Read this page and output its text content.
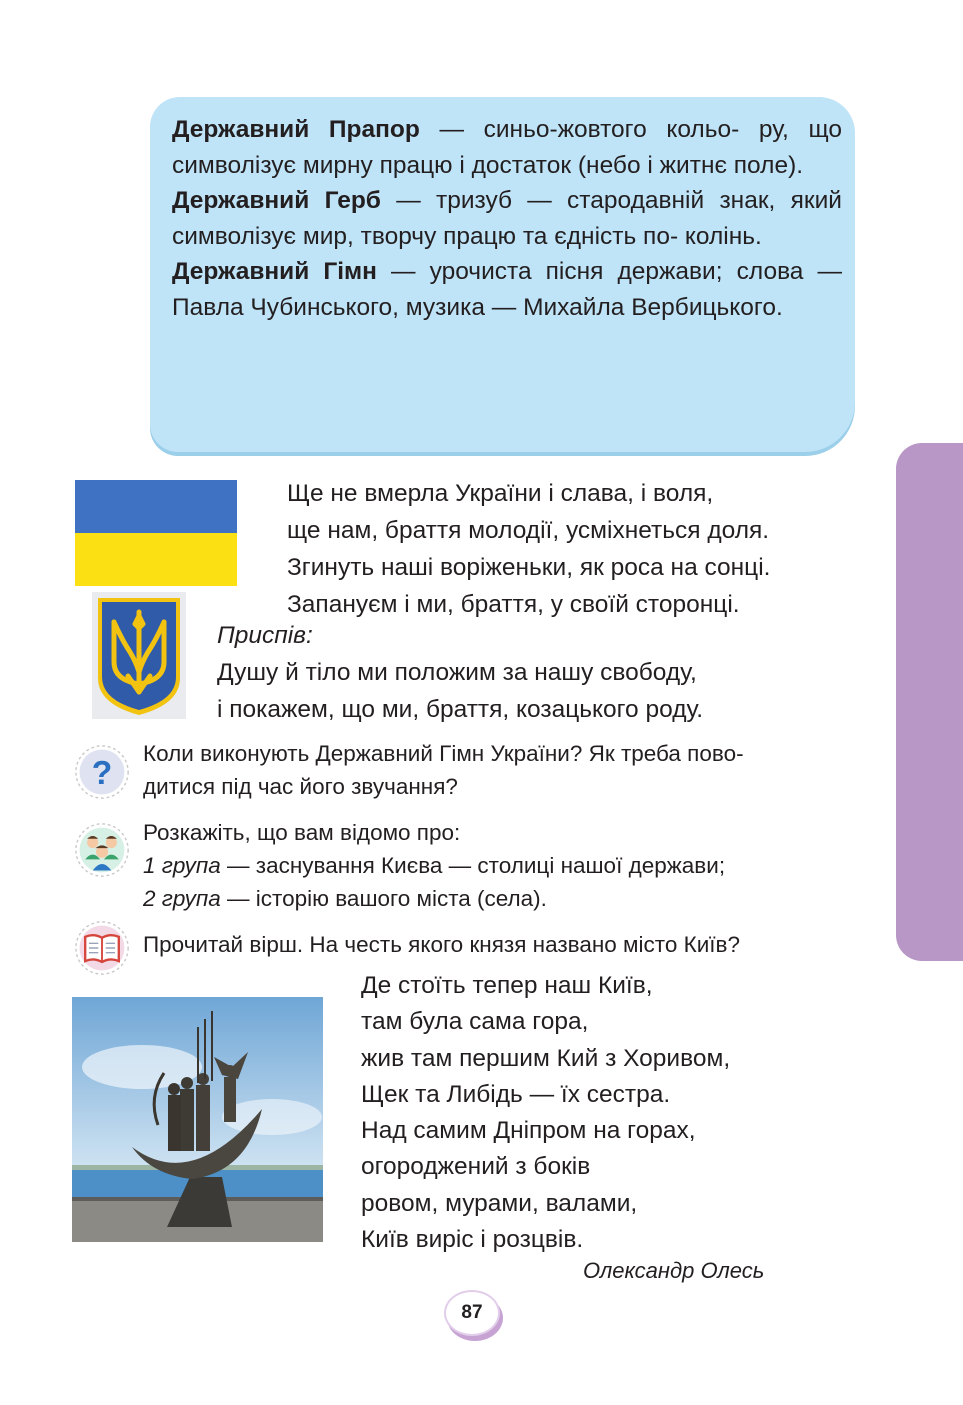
Державний Прапор — синьо-жовтого кольо- ру, що символізує мирну працю і достаток (небо і житнє поле).

Державний Герб — тризуб — стародавній знак, який символізує мир, творчу працю та єдність по- колінь.

Державний Гімн — урочиста пісня держави; слова — Павла Чубинського, музика — Михайла Вербицького.

Ще не вмерла України і слава, і воля,
ще нам, браття молодії, усміхнеться доля.
Згинуть наші воріженьки, як роса на сонці.
Запануєм і ми, браття, у своїй сторонці.
Приспів:
Душу й тіло ми положим за нашу свободу,
і покажем, що ми, браття, козацького роду.
?
Коли виконують Державний Гімн України? Як треба пово-
дитися під час його звучання?
Розкажіть, що вам відомо про:
1 група — заснування Києва — столиці нашої держави;
2 група — історію вашого міста (села).
Прочитай вірш. На честь якого князя названо місто Київ?
Де стоїть тепер наш Київ,
там була сама гора,
жив там першим Кий з Хоривом,
Щек та Либідь — їх сестра.
Над самим Дніпром на горах,
огороджений з боків
ровом, мурами, валами,
Київ виріс і розцвів.
Олександр Олесь
87
